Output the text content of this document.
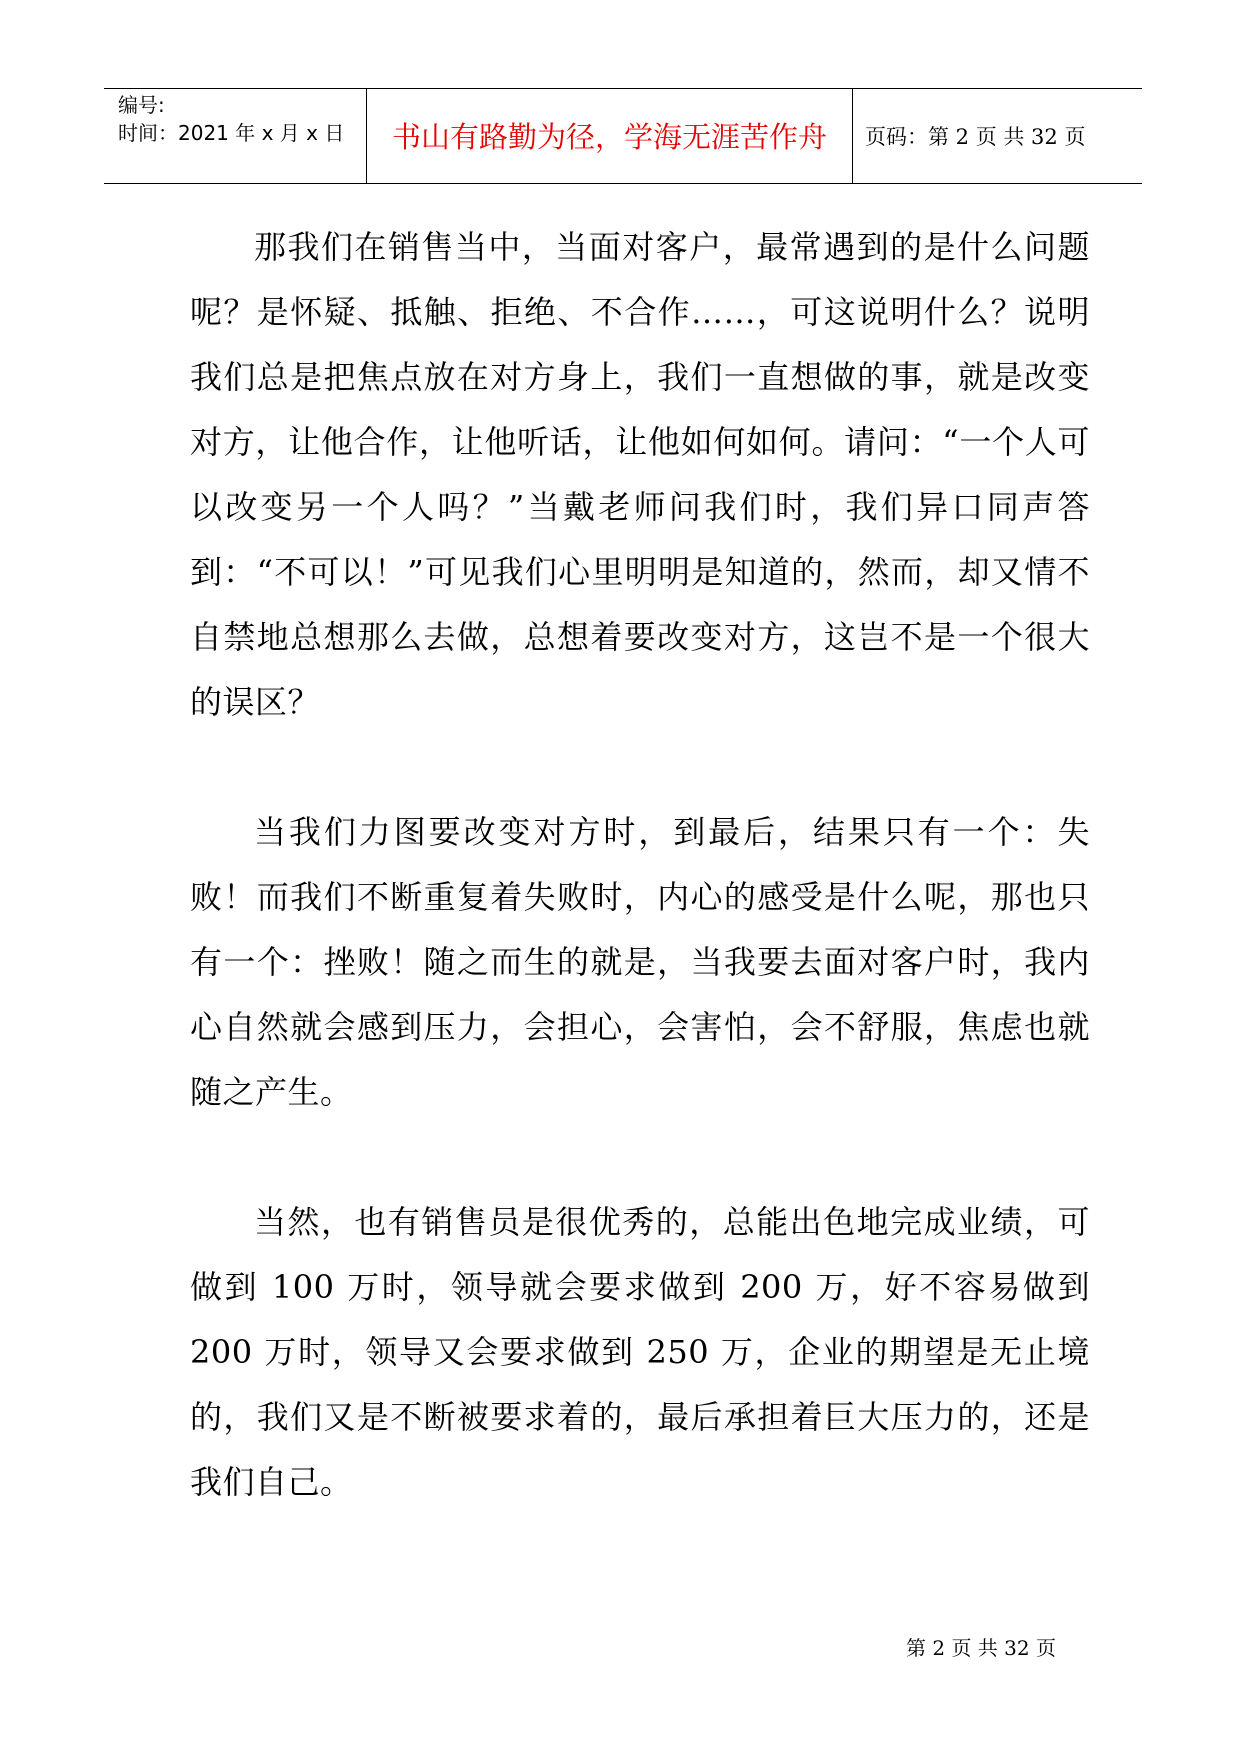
编号:
时间：2021 年 x 月 x 日	书山有路勤为径，学海无涯苦作舟	页码：第 2 页 共 32 页

那我们在销售当中，当面对客户，最常遇到的是什么问题呢？是怀疑、抵触、拒绝、不合作……，可这说明什么？说明我们总是把焦点放在对方身上，我们一直想做的事，就是改变对方，让他合作，让他听话，让他如何如何。请问：“一个人可以改变另一个人吗？”当戴老师问我们时，我们异口同声答到：“不可以！”可见我们心里明明是知道的，然而，却又情不自禁地总想那么去做，总想着要改变对方，这岂不是一个很大的误区？

当我们力图要改变对方时，到最后，结果只有一个：失败！而我们不断重复着失败时，内心的感受是什么呢，那也只有一个：挫败！随之而生的就是，当我要去面对客户时，我内心自然就会感到压力，会担心，会害怕，会不舒服，焦虑也就随之产生。

当然，也有销售员是很优秀的，总能出色地完成业绩，可做到 100 万时，领导就会要求做到 200 万，好不容易做到 200 万时，领导又会要求做到 250 万，企业的期望是无止境的，我们又是不断被要求着的，最后承担着巨大压力的，还是我们自己。

第 2 页 共 32 页
